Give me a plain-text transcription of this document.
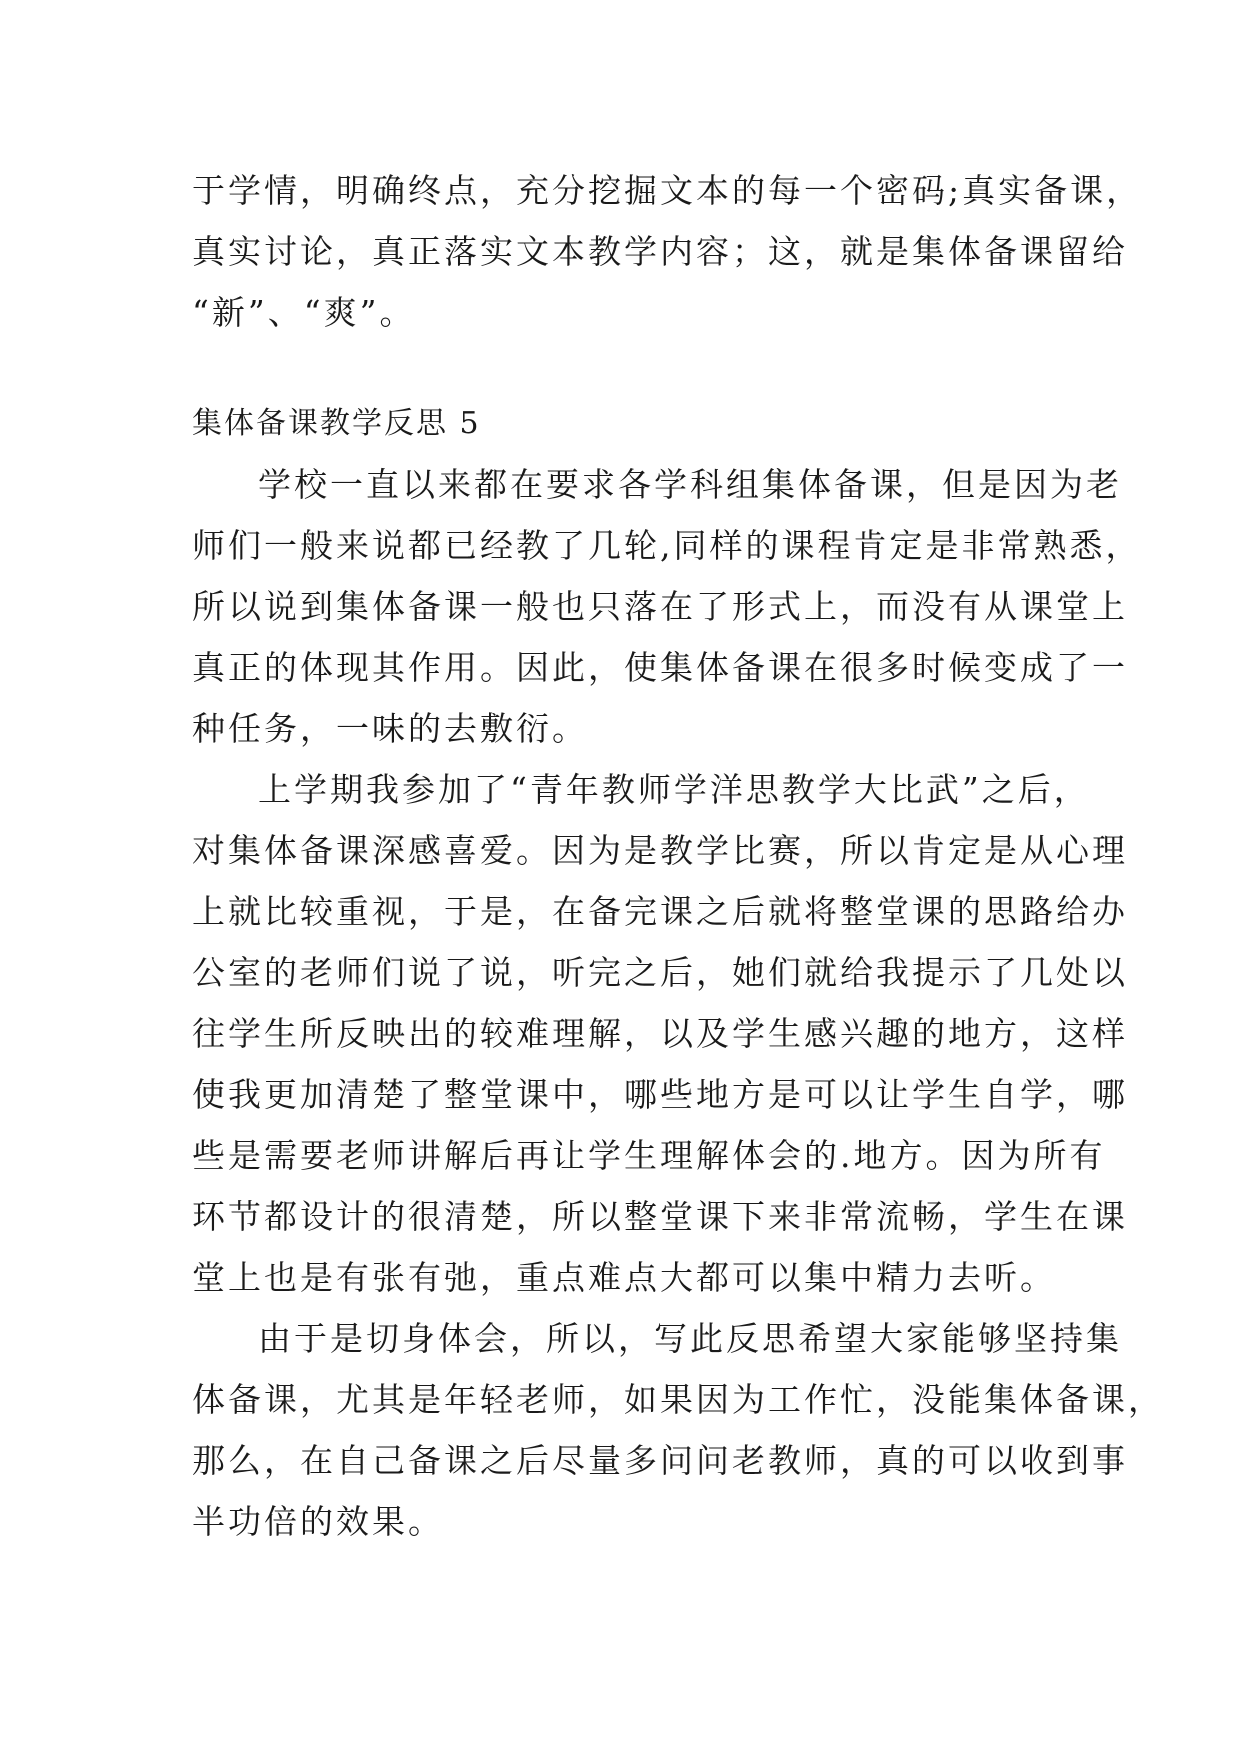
于学情，明确终点，充分挖掘文本的每一个密码;真实备课，
真实讨论，真正落实文本教学内容；这，就是集体备课留给
“新”、“爽”。
集体备课教学反思 5
学校一直以来都在要求各学科组集体备课，但是因为老
师们一般来说都已经教了几轮,同样的课程肯定是非常熟悉，
所以说到集体备课一般也只落在了形式上，而没有从课堂上
真正的体现其作用。因此，使集体备课在很多时候变成了一
种任务，一味的去敷衍。
上学期我参加了“青年教师学洋思教学大比武”之后，
对集体备课深感喜爱。因为是教学比赛，所以肯定是从心理
上就比较重视，于是，在备完课之后就将整堂课的思路给办
公室的老师们说了说，听完之后，她们就给我提示了几处以
往学生所反映出的较难理解，以及学生感兴趣的地方，这样
使我更加清楚了整堂课中，哪些地方是可以让学生自学，哪
些是需要老师讲解后再让学生理解体会的.地方。因为所有
环节都设计的很清楚，所以整堂课下来非常流畅，学生在课
堂上也是有张有弛，重点难点大都可以集中精力去听。
由于是切身体会，所以，写此反思希望大家能够坚持集
体备课，尤其是年轻老师，如果因为工作忙，没能集体备课，
那么，在自己备课之后尽量多问问老教师，真的可以收到事
半功倍的效果。
